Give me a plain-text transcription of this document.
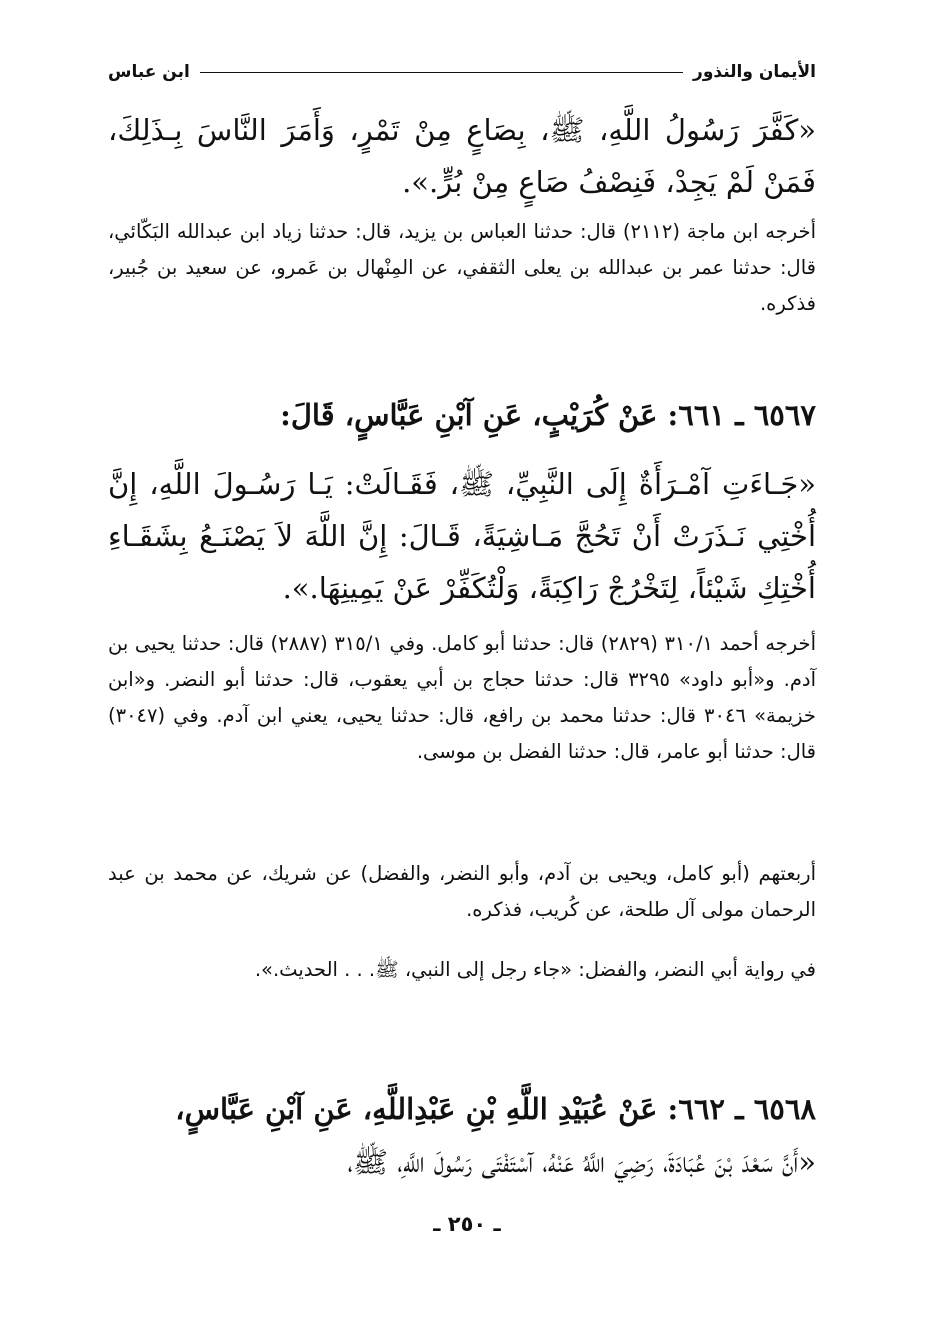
الأيمان والنذور
ابن عباس
«كَفَّرَ رَسُولُ اللَّهِ، ﷺ، بِصَاعٍ مِنْ تَمْرٍ، وَأَمَرَ النَّاسَ بِـذَلِكَ، فَمَنْ لَمْ يَجِدْ، فَنِصْفُ صَاعٍ مِنْ بُرٍّ.».
أخرجه ابن ماجة (٢١١٢) قال: حدثنا العباس بن يزيد، قال: حدثنا زياد ابن عبدالله البَكّائي، قال: حدثنا عمر بن عبدالله بن يعلى الثقفي، عن المِنْهال بن عَمرو، عن سعيد بن جُبير، فذكره.
٦٥٦٧ ـ ٦٦١: عَنْ كُرَيْبٍ، عَنِ آبْنِ عَبَّاسٍ، قَالَ:
«جَـاءَتِ آمْـرَأَةٌ إِلَى النَّبِيِّ، ﷺ، فَقَـالَتْ: يَـا رَسُـولَ اللَّهِ، إِنَّ أُخْتِي نَـذَرَتْ أَنْ تَحُجَّ مَـاشِيَةً، قَـالَ: إِنَّ اللَّهَ لاَ يَصْنَـعُ بِشَقَـاءِ أُخْتِكِ شَيْئاً، لِتَخْرُجْ رَاكِبَةً، وَلْتُكَفِّرْ عَنْ يَمِينِهَا.».
أخرجه أحمد ٣١٠/١ (٢٨٢٩) قال: حدثنا أبو كامل. وفي ٣١٥/١ (٢٨٨٧) قال: حدثنا يحيى بن آدم. و«أبو داود» ٣٢٩٥ قال: حدثنا حجاج بن أبي يعقوب، قال: حدثنا أبو النضر. و«ابن خزيمة» ٣٠٤٦ قال: حدثنا محمد بن رافع، قال: حدثنا يحيى، يعني ابن آدم. وفي (٣٠٤٧) قال: حدثنا أبو عامر، قال: حدثنا الفضل بن موسى.
أربعتهم (أبو كامل، ويحيى بن آدم، وأبو النضر، والفضل) عن شريك، عن محمد بن عبد الرحمان مولى آل طلحة، عن كُريب، فذكره.
في رواية أبي النضر، والفضل: «جاء رجل إلى النبي، ﷺ. . . الحديث.».
٦٥٦٨ ـ ٦٦٢: عَنْ عُبَيْدِ اللَّهِ بْنِ عَبْدِاللَّهِ، عَنِ آبْنِ عَبَّاسٍ،
«أَنَّ سَعْدَ بْنَ عُبَادَةَ، رَضِيَ اللَّهُ عَنْهُ، آسْتَفْتَى رَسُولَ اللَّهِ، ﷺ،
ـ ٢٥٠ ـ
